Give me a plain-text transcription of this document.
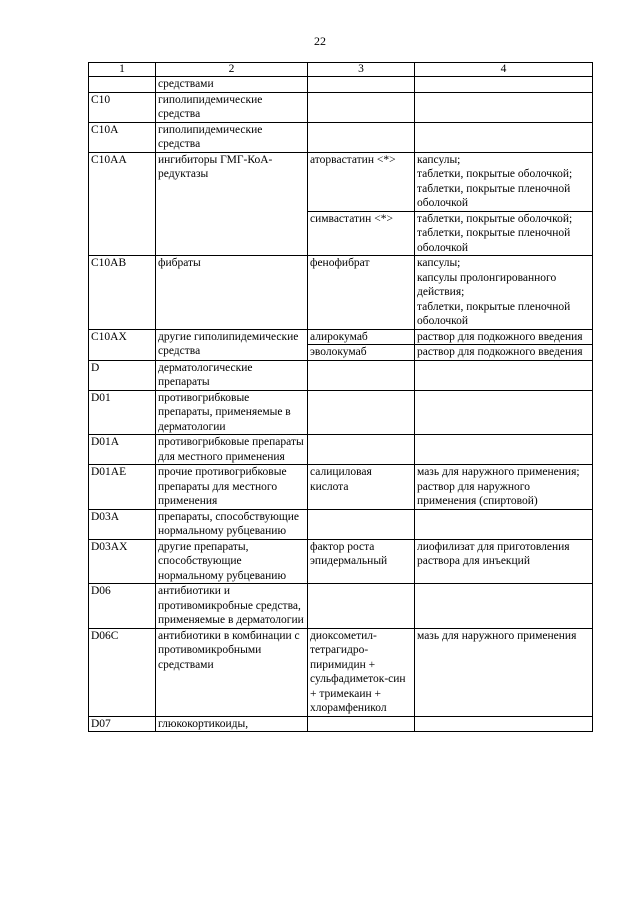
22
1	2	3	4
	средствами		
C10	гиполипидемические средства		
C10A	гиполипидемические средства		
C10AA	ингибиторы ГМГ-КоА-редуктазы	аторвастатин <*>	капсулы;
таблетки, покрытые оболочкой;
таблетки, покрытые пленочной оболочкой
		симвастатин <*>	таблетки, покрытые оболочкой;
таблетки, покрытые пленочной оболочкой
C10AB	фибраты	фенофибрат	капсулы;
капсулы пролонгированного действия;
таблетки, покрытые пленочной оболочкой
C10AX	другие гиполипидемические средства	алирокумаб	раствор для подкожного введения
		эволокумаб	раствор для подкожного введения
D	дерматологические препараты		
D01	противогрибковые препараты, применяемые в дерматологии		
D01A	противогрибковые препараты для местного применения		
D01AE	прочие противогрибковые препараты для местного применения	салициловая кислота	мазь для наружного применения;
раствор для наружного применения (спиртовой)
D03A	препараты, способствующие нормальному рубцеванию		
D03AX	другие препараты, способствующие нормальному рубцеванию	фактор роста эпидермальный	лиофилизат для приготовления раствора для инъекций
D06	антибиотики и противомикробные средства, применяемые в дерматологии		
D06C	антибиотики в комбинации с противомикробными средствами	диоксометил-тетрагидро-пиримидин + сульфадиметок-син + тримекаин + хлорамфеникол	мазь для наружного применения
D07	глюкокортикоиды,		
